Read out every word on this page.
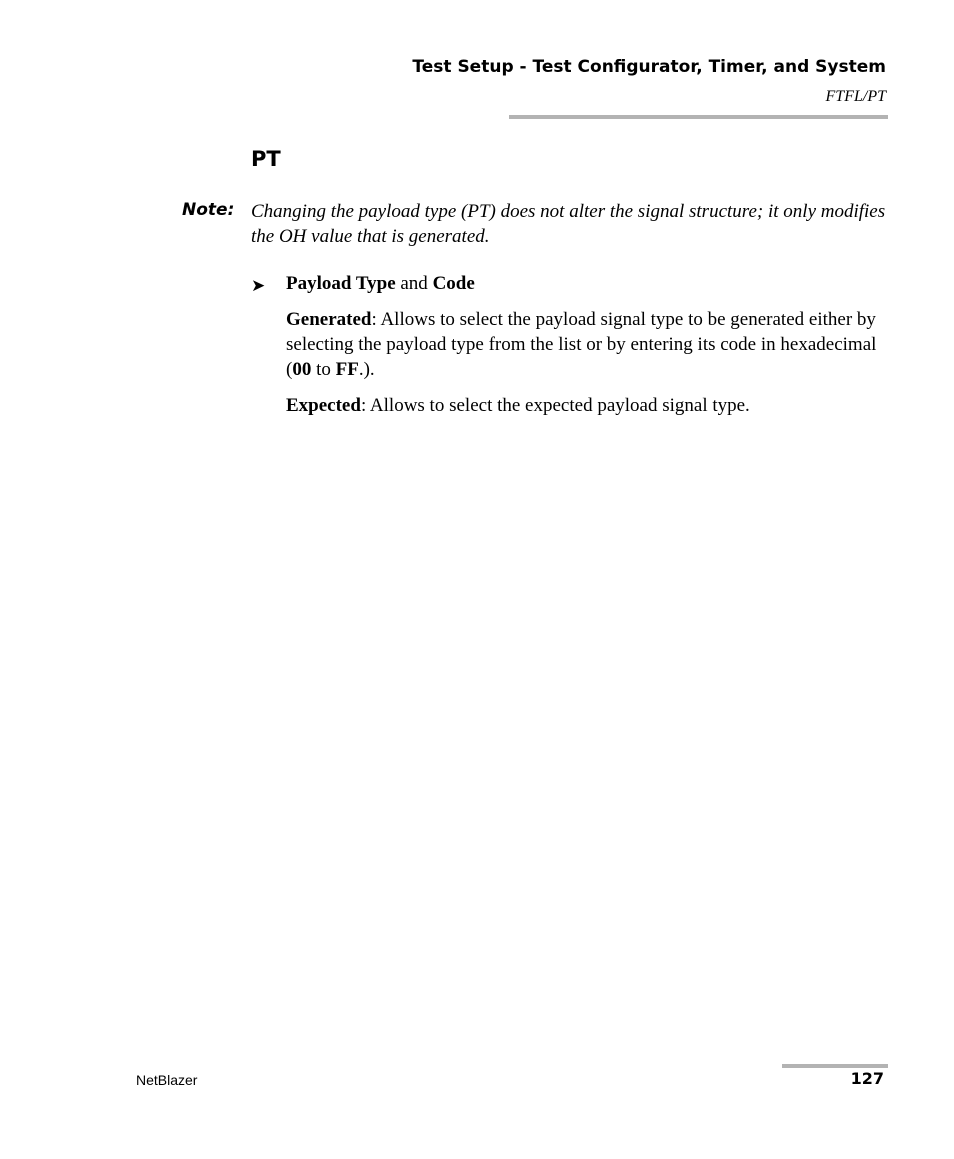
Test Setup - Test Configurator, Timer, and System
FTFL/PT
PT
Note: Changing the payload type (PT) does not alter the signal structure; it only modifies the OH value that is generated.
➤ Payload Type and Code
Generated: Allows to select the payload signal type to be generated either by selecting the payload type from the list or by entering its code in hexadecimal (00 to FF.).
Expected: Allows to select the expected payload signal type.
NetBlazer	127
